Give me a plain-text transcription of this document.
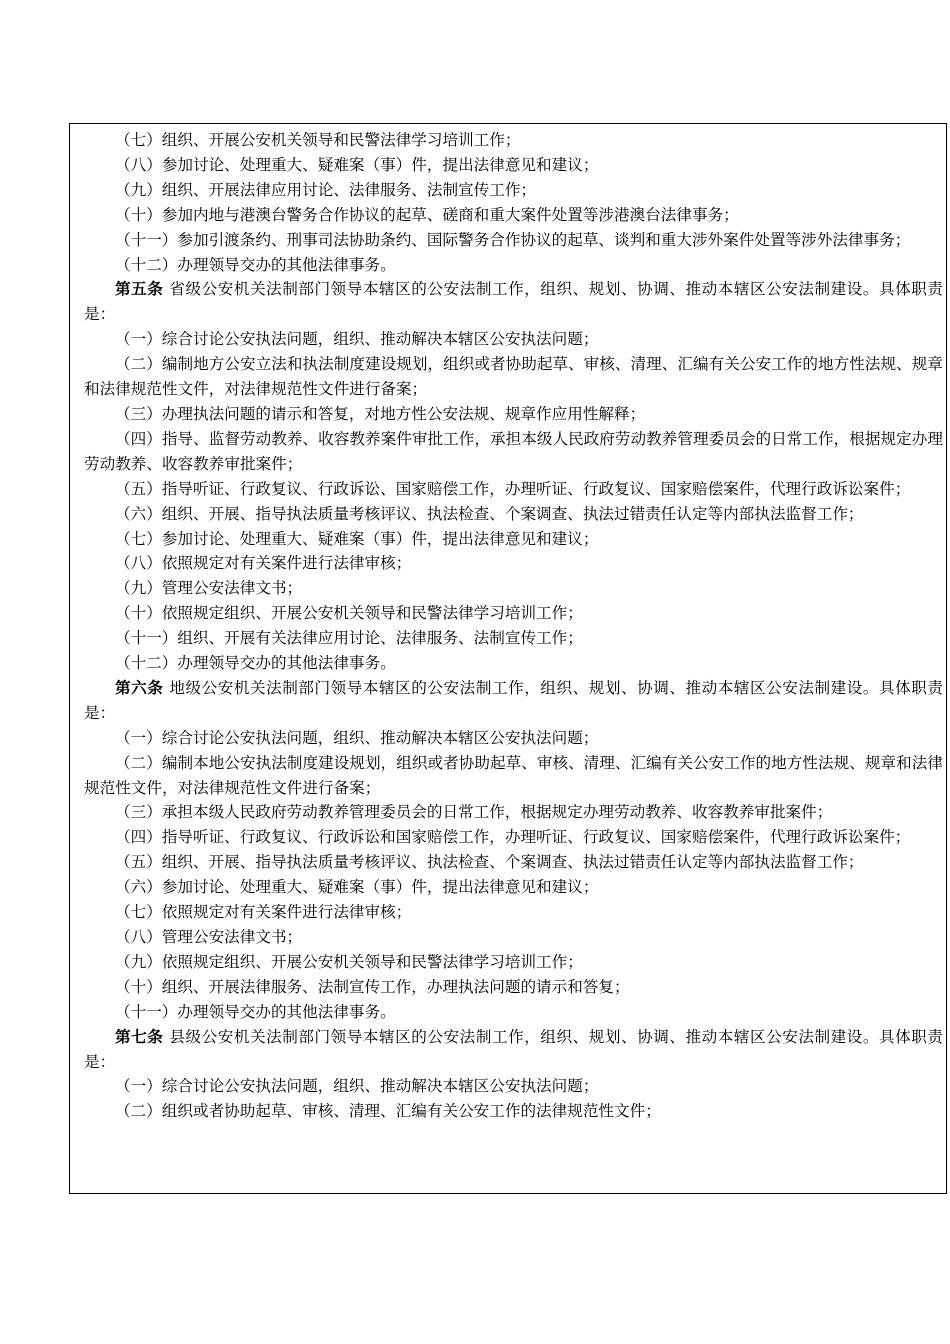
（七）组织、开展公安机关领导和民警法律学习培训工作；

（八）参加讨论、处理重大、疑难案（事）件，提出法律意见和建议；

（九）组织、开展法律应用讨论、法律服务、法制宣传工作；

（十）参加内地与港澳台警务合作协议的起草、磋商和重大案件处置等涉港澳台法律事务；

（十一）参加引渡条约、刑事司法协助条约、国际警务合作协议的起草、谈判和重大涉外案件处置等涉外法律事务；

（十二）办理领导交办的其他法律事务。

第五条 省级公安机关法制部门领导本辖区的公安法制工作，组织、规划、协调、推动本辖区公安法制建设。具体职责是：

（一）综合讨论公安执法问题，组织、推动解决本辖区公安执法问题；

（二）编制地方公安立法和执法制度建设规划，组织或者协助起草、审核、清理、汇编有关公安工作的地方性法规、规章和法律规范性文件，对法律规范性文件进行备案；

（三）办理执法问题的请示和答复，对地方性公安法规、规章作应用性解释；

（四）指导、监督劳动教养、收容教养案件审批工作，承担本级人民政府劳动教养管理委员会的日常工作，根据规定办理劳动教养、收容教养审批案件；

（五）指导听证、行政复议、行政诉讼、国家赔偿工作，办理听证、行政复议、国家赔偿案件，代理行政诉讼案件；

（六）组织、开展、指导执法质量考核评议、执法检查、个案调查、执法过错责任认定等内部执法监督工作；

（七）参加讨论、处理重大、疑难案（事）件，提出法律意见和建议；

（八）依照规定对有关案件进行法律审核；

（九）管理公安法律文书；

（十）依照规定组织、开展公安机关领导和民警法律学习培训工作；

（十一）组织、开展有关法律应用讨论、法律服务、法制宣传工作；

（十二）办理领导交办的其他法律事务。

第六条 地级公安机关法制部门领导本辖区的公安法制工作，组织、规划、协调、推动本辖区公安法制建设。具体职责是：

（一）综合讨论公安执法问题，组织、推动解决本辖区公安执法问题；

（二）编制本地公安执法制度建设规划，组织或者协助起草、审核、清理、汇编有关公安工作的地方性法规、规章和法律规范性文件，对法律规范性文件进行备案；

（三）承担本级人民政府劳动教养管理委员会的日常工作，根据规定办理劳动教养、收容教养审批案件；

（四）指导听证、行政复议、行政诉讼和国家赔偿工作，办理听证、行政复议、国家赔偿案件，代理行政诉讼案件；

（五）组织、开展、指导执法质量考核评议、执法检查、个案调查、执法过错责任认定等内部执法监督工作；

（六）参加讨论、处理重大、疑难案（事）件，提出法律意见和建议；

（七）依照规定对有关案件进行法律审核；

（八）管理公安法律文书；

（九）依照规定组织、开展公安机关领导和民警法律学习培训工作；

（十）组织、开展法律服务、法制宣传工作，办理执法问题的请示和答复；

（十一）办理领导交办的其他法律事务。

第七条 县级公安机关法制部门领导本辖区的公安法制工作，组织、规划、协调、推动本辖区公安法制建设。具体职责是：

（一）综合讨论公安执法问题，组织、推动解决本辖区公安执法问题；

（二）组织或者协助起草、审核、清理、汇编有关公安工作的法律规范性文件；
